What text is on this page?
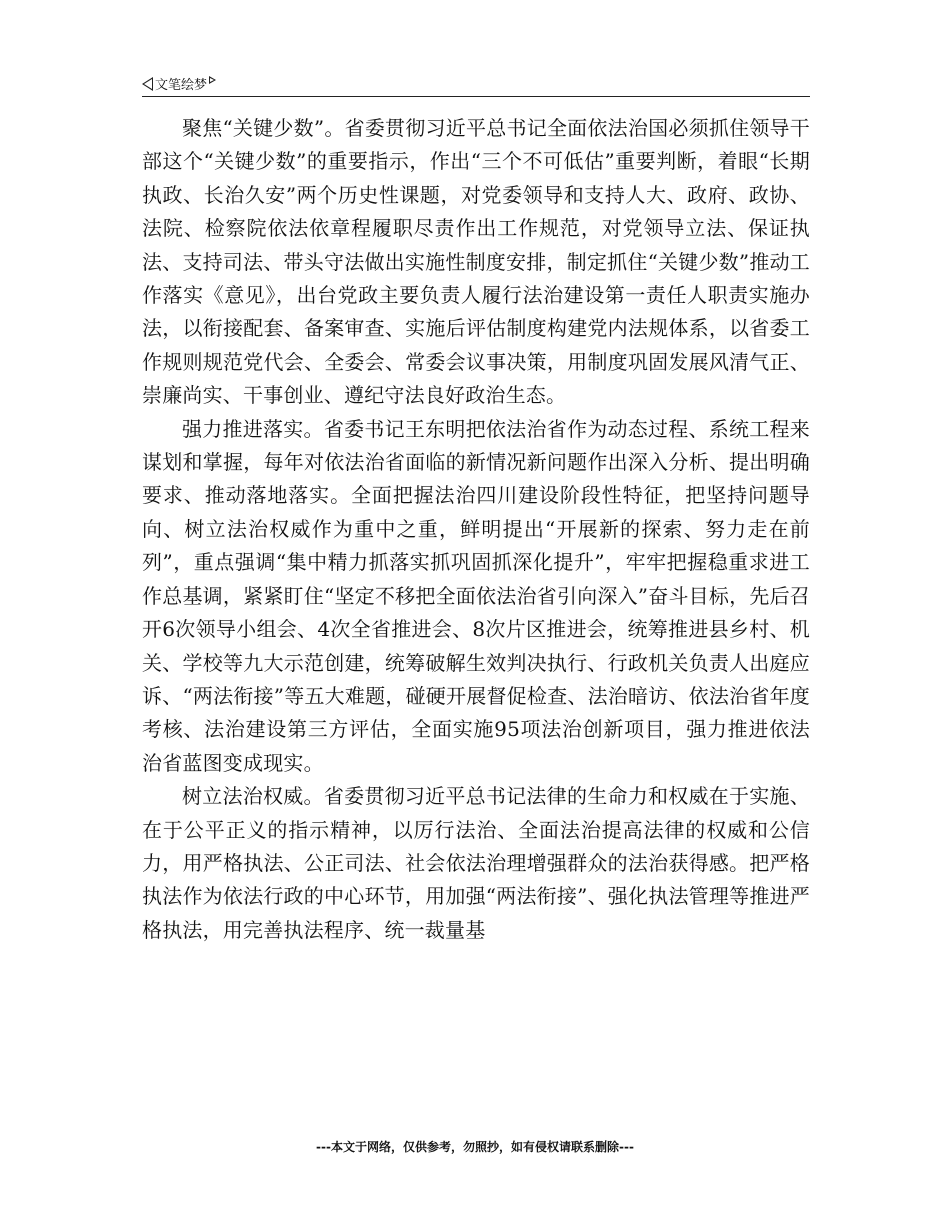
文笔绘梦

聚焦“关键少数”。省委贯彻习近平总书记全面依法治国必须抓住领导干部这个“关键少数”的重要指示，作出“三个不可低估”重要判断，着眼“长期执政、长治久安”两个历史性课题，对党委领导和支持人大、政府、政协、法院、检察院依法依章程履职尽责作出工作规范，对党领导立法、保证执法、支持司法、带头守法做出实施性制度安排，制定抓住“关键少数”推动工作落实《意见》，出台党政主要负责人履行法治建设第一责任人职责实施办法，以衔接配套、备案审查、实施后评估制度构建党内法规体系，以省委工作规则规范党代会、全委会、常委会议事决策，用制度巩固发展风清气正、崇廉尚实、干事创业、遵纪守法良好政治生态。

强力推进落实。省委书记王东明把依法治省作为动态过程、系统工程来谋划和掌握，每年对依法治省面临的新情况新问题作出深入分析、提出明确要求、推动落地落实。全面把握法治四川建设阶段性特征，把坚持问题导向、树立法治权威作为重中之重，鲜明提出“开展新的探索、努力走在前列”，重点强调“集中精力抓落实抓巩固抓深化提升”，牢牢把握稳重求进工作总基调，紧紧盯住“坚定不移把全面依法治省引向深入”奋斗目标，先后召开6次领导小组会、4次全省推进会、8次片区推进会，统筹推进县乡村、机关、学校等九大示范创建，统筹破解生效判决执行、行政机关负责人出庭应诉、“两法衔接”等五大难题，碰硬开展督促检查、法治暗访、依法治省年度考核、法治建设第三方评估，全面实施95项法治创新项目，强力推进依法治省蓝图变成现实。

树立法治权威。省委贯彻习近平总书记法律的生命力和权威在于实施、在于公平正义的指示精神，以厉行法治、全面法治提高法律的权威和公信力，用严格执法、公正司法、社会依法治理增强群众的法治获得感。把严格执法作为依法行政的中心环节，用加强“两法衔接”、强化执法管理等推进严格执法，用完善执法程序、统一裁量基

---本文于网络，仅供参考，勿照抄，如有侵权请联系删除---
